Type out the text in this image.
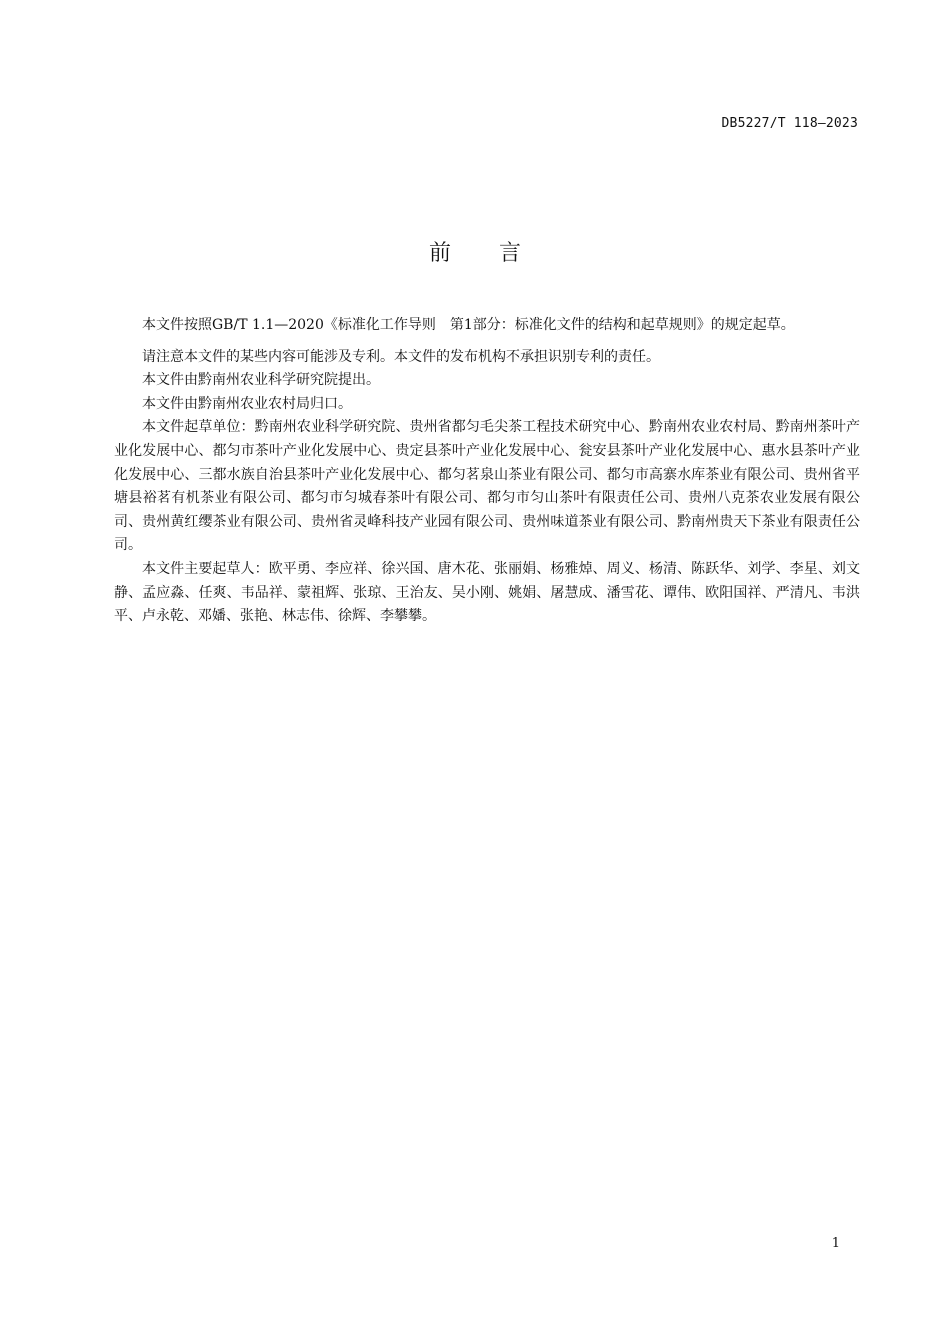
DB5227/T 118—2023
前言

本文件按照GB/T 1.1—2020《标准化工作导则　第1部分：标准化文件的结构和起草规则》的规定起草。

请注意本文件的某些内容可能涉及专利。本文件的发布机构不承担识别专利的责任。

本文件由黔南州农业科学研究院提出。

本文件由黔南州农业农村局归口。

本文件起草单位：黔南州农业科学研究院、贵州省都匀毛尖茶工程技术研究中心、黔南州农业农村局、黔南州茶叶产业化发展中心、都匀市茶叶产业化发展中心、贵定县茶叶产业化发展中心、瓮安县茶叶产业化发展中心、惠水县茶叶产业化发展中心、三都水族自治县茶叶产业化发展中心、都匀茗泉山茶业有限公司、都匀市高寨水库茶业有限公司、贵州省平塘县裕茗有机茶业有限公司、都匀市匀城春茶叶有限公司、都匀市匀山茶叶有限责任公司、贵州八克茶农业发展有限公司、贵州黄红缨茶业有限公司、贵州省灵峰科技产业园有限公司、贵州味道茶业有限公司、黔南州贵天下茶业有限责任公司。

本文件主要起草人：欧平勇、李应祥、徐兴国、唐木花、张丽娟、杨雅焯、周义、杨清、陈跃华、刘学、李星、刘文静、孟应淼、任爽、韦品祥、蒙祖辉、张琼、王治友、吴小刚、姚娟、屠慧成、潘雪花、谭伟、欧阳国祥、严清凡、韦洪平、卢永乾、邓嬏、张艳、林志伟、徐辉、李攀攀。

1
